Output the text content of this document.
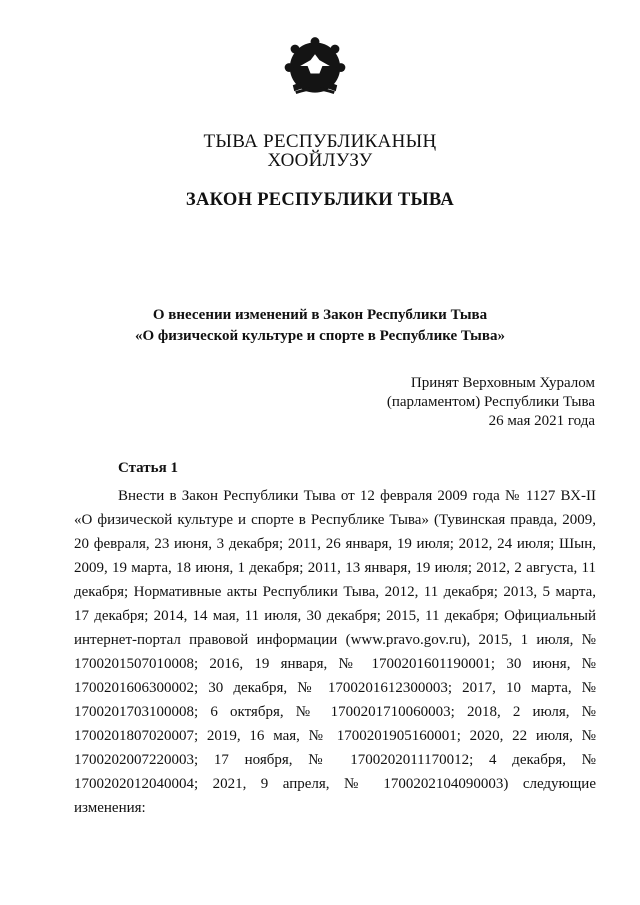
ТЫВА РЕСПУБЛИКАНЫҢ
ХООЙЛУЗУ
ЗАКОН РЕСПУБЛИКИ ТЫВА
О внесении изменений в Закон Республики Тыва
«О физической культуре и спорте в Республике Тыва»
Принят Верховным Хуралом
(парламентом) Республики Тыва
26 мая 2021 года
Статья 1
Внести в Закон Республики Тыва от 12 февраля 2009 года № 1127 ВХ-II
«О физической культуре и спорте в Республике Тыва» (Тувинская правда, 2009,
20 февраля, 23 июня, 3 декабря; 2011, 26 января, 19 июля; 2012, 24 июля; Шын,
2009, 19 марта, 18 июня, 1 декабря; 2011, 13 января, 19 июля; 2012, 2 августа, 11
декабря; Нормативные акты Республики Тыва, 2012, 11 декабря; 2013, 5 марта,
17 декабря; 2014, 14 мая, 11 июля, 30 декабря; 2015, 11 декабря; Официальный
интернет-портал правовой информации (www.pravo.gov.ru), 2015, 1 июля, №
1700201507010008; 2016, 19 января, № 1700201601190001; 30 июня, №
1700201606300002; 30 декабря, № 1700201612300003; 2017, 10 марта, №
1700201703100008; 6 октября, № 1700201710060003; 2018, 2 июля, №
1700201807020007; 2019, 16 мая, № 1700201905160001; 2020, 22 июля, №
1700202007220003; 17 ноября, № 1700202011170012; 4 декабря, №
1700202012040004; 2021, 9 апреля, № 1700202104090003) следующие
изменения:
